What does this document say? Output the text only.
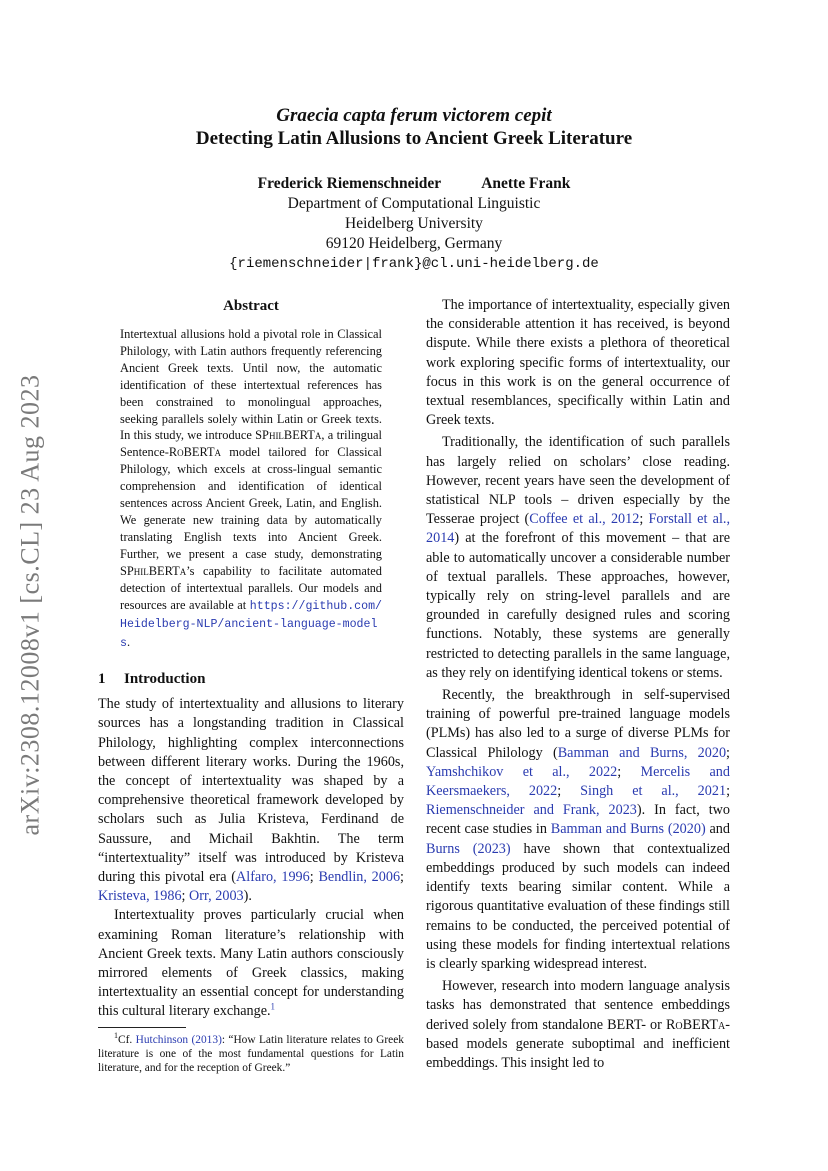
arXiv:2308.12008v1 [cs.CL] 23 Aug 2023
Graecia capta ferum victorem cepit
Detecting Latin Allusions to Ancient Greek Literature
Frederick Riemenschneider	Anette Frank
Department of Computational Linguistic
Heidelberg University
69120 Heidelberg, Germany
{riemenschneider|frank}@cl.uni-heidelberg.de
Abstract
Intertextual allusions hold a pivotal role in Classical Philology, with Latin authors frequently referencing Ancient Greek texts. Until now, the automatic identification of these intertextual references has been constrained to monolingual approaches, seeking parallels solely within Latin or Greek texts. In this study, we introduce SPhilBERTa, a trilingual Sentence-RoBERTa model tailored for Classical Philology, which excels at cross-lingual semantic comprehension and identification of identical sentences across Ancient Greek, Latin, and English. We generate new training data by automatically translating English texts into Ancient Greek. Further, we present a case study, demonstrating SPhilBERTa’s capability to facilitate automated detection of intertextual parallels. Our models and resources are available at https://github.com/Heidelberg-NLP/ancient-language-models.
1 Introduction

The study of intertextuality and allusions to literary sources has a longstanding tradition in Classical Philology, highlighting complex interconnections between different literary works. During the 1960s, the concept of intertextuality was shaped by a comprehensive theoretical framework developed by scholars such as Julia Kristeva, Ferdinand de Saussure, and Michail Bakhtin. The term “intertextuality” itself was introduced by Kristeva during this pivotal era (Alfaro, 1996; Bendlin, 2006; Kristeva, 1986; Orr, 2003).

Intertextuality proves particularly crucial when examining Roman literature’s relationship with Ancient Greek texts. Many Latin authors consciously mirrored elements of Greek classics, making intertextuality an essential concept for understanding this cultural literary exchange.$^1$

The importance of intertextuality, especially given the considerable attention it has received, is beyond dispute. While there exists a plethora of theoretical work exploring specific forms of intertextuality, our focus in this work is on the general occurrence of textual resemblances, specifically within Latin and Greek texts.

Traditionally, the identification of such parallels has largely relied on scholars’ close reading. However, recent years have seen the development of statistical NLP tools – driven especially by the Tesserae project (Coffee et al., 2012; Forstall et al., 2014) at the forefront of this movement – that are able to automatically uncover a considerable number of textual parallels. These approaches, however, typically rely on string-level parallels and are grounded in carefully designed rules and scoring functions. Notably, these systems are generally restricted to detecting parallels in the same language, as they rely on identifying identical tokens or stems.

Recently, the breakthrough in self-supervised training of powerful pre-trained language models (PLMs) has also led to a surge of diverse PLMs for Classical Philology (Bamman and Burns, 2020; Yamshchikov et al., 2022; Mercelis and Keersmaekers, 2022; Singh et al., 2021; Riemenschneider and Frank, 2023). In fact, two recent case studies in Bamman and Burns (2020) and Burns (2023) have shown that contextualized embeddings produced by such models can indeed identify texts bearing similar content. While a rigorous quantitative evaluation of these findings still remains to be conducted, the perceived potential of using these models for finding intertextual relations is clearly sparking widespread interest.

However, research into modern language analysis tasks has demonstrated that sentence embeddings derived solely from standalone BERT- or RoBERTa-based models generate suboptimal and inefficient embeddings. This insight led to

$^1$Cf. Hutchinson (2013): “How Latin literature relates to Greek literature is one of the most fundamental questions for Latin literature, and for the reception of Greek.”
